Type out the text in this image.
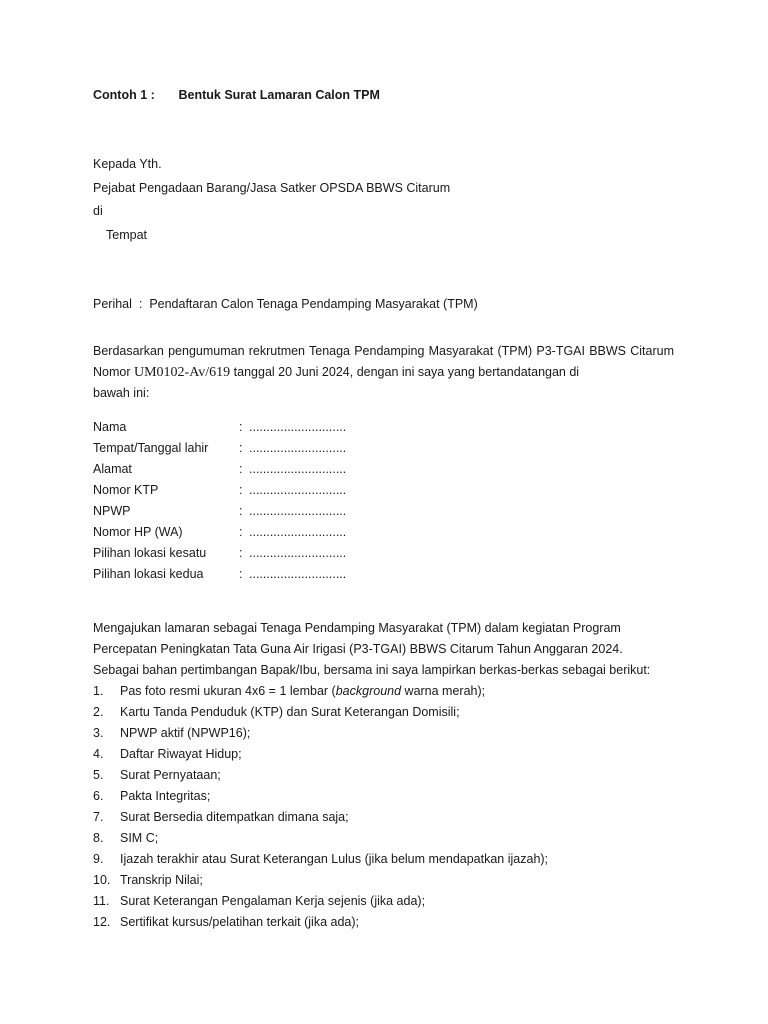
Contoh 1 : Bentuk Surat Lamaran Calon TPM
Kepada Yth.
Pejabat Pengadaan Barang/Jasa Satker OPSDA BBWS Citarum
di
Tempat
Perihal : Pendaftaran Calon Tenaga Pendamping Masyarakat (TPM)
Berdasarkan pengumuman rekrutmen Tenaga Pendamping Masyarakat (TPM) P3-TGAI BBWS Citarum Nomor UM0102-Av/619 tanggal 20 Juni 2024, dengan ini saya yang bertandatangan di
bawah ini:
Nama	: ............................
Tempat/Tanggal lahir : ............................
Alamat	: ............................
Nomor KTP	: ............................
NPWP	: ............................
Nomor HP (WA)	: ............................
Pilihan lokasi kesatu	: ............................
Pilihan lokasi kedua	: ............................
Mengajukan lamaran sebagai Tenaga Pendamping Masyarakat (TPM) dalam kegiatan Program
Percepatan Peningkatan Tata Guna Air Irigasi (P3-TGAI) BBWS Citarum Tahun Anggaran 2024.
Sebagai bahan pertimbangan Bapak/Ibu, bersama ini saya lampirkan berkas-berkas sebagai berikut:
1. Pas foto resmi ukuran 4x6 = 1 lembar (background warna merah);
2. Kartu Tanda Penduduk (KTP) dan Surat Keterangan Domisili;
3. NPWP aktif (NPWP16);
4. Daftar Riwayat Hidup;
5. Surat Pernyataan;
6. Pakta Integritas;
7. Surat Bersedia ditempatkan dimana saja;
8. SIM C;
9. Ijazah terakhir atau Surat Keterangan Lulus (jika belum mendapatkan ijazah);
10. Transkrip Nilai;
11. Surat Keterangan Pengalaman Kerja sejenis (jika ada);
12. Sertifikat kursus/pelatihan terkait (jika ada);
